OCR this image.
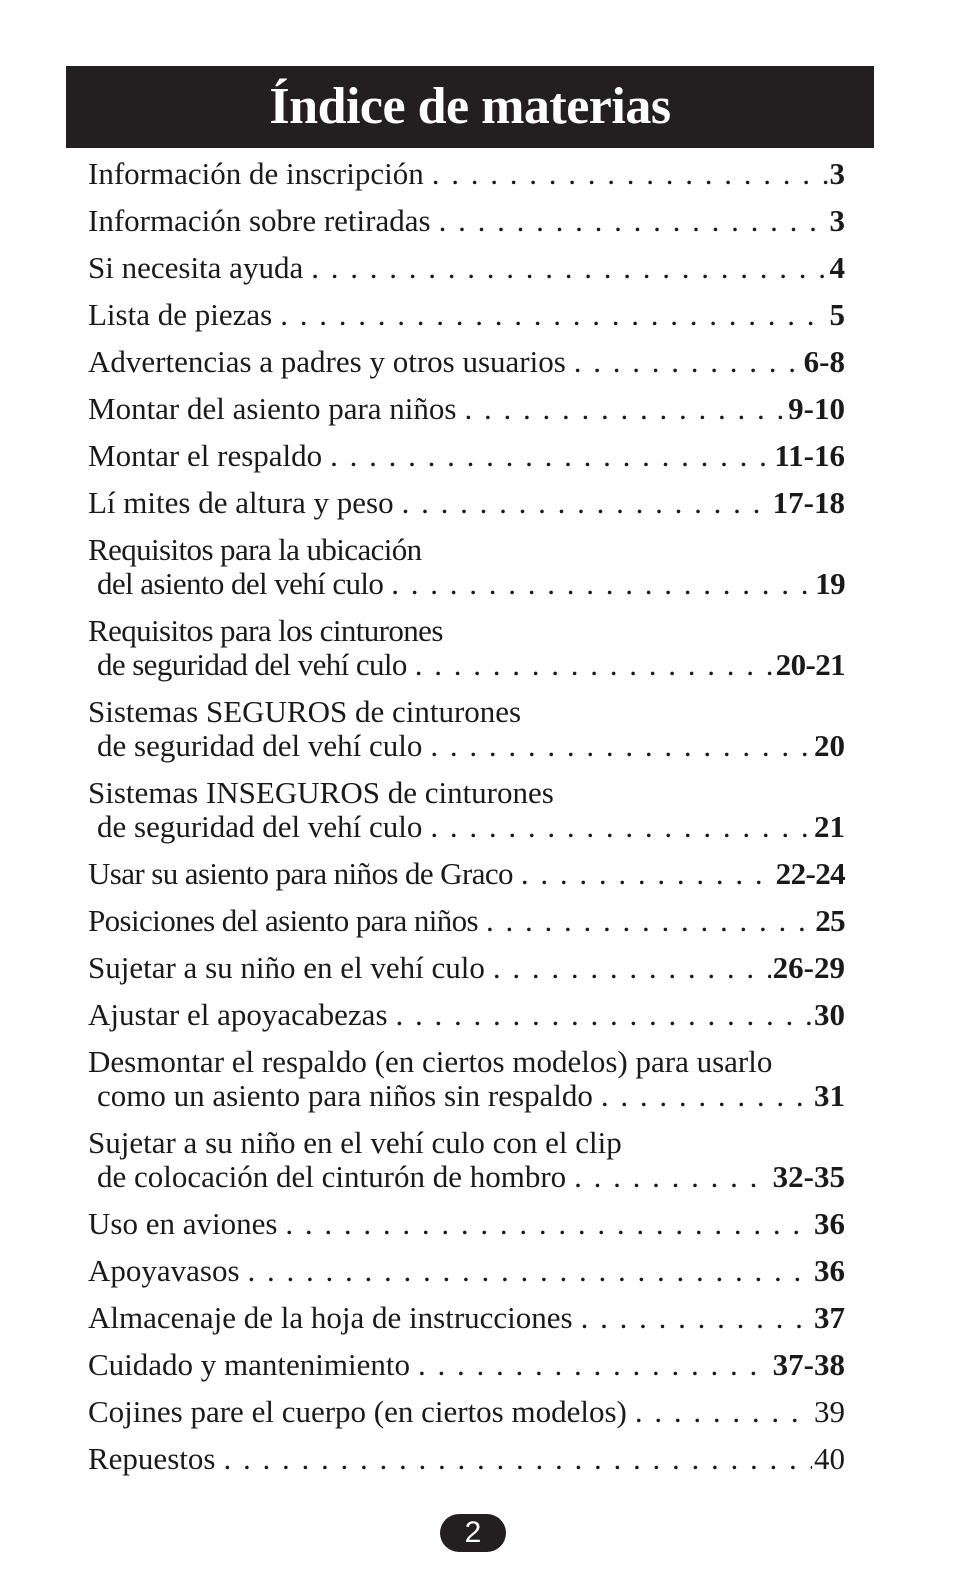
Índice de materias
Información de inscripción . . .	3
Información sobre retiradas . . .	3
Si necesita ayuda . . .	4
Lista de piezas . . .	5
Advertencias a padres y otros usuarios . . .	6-8
Montar del asiento para niños . . .	9-10
Montar el respaldo . . .	11-16
Lí mites de altura y peso . . .	17-18
Requisitos para la ubicación
del asiento del vehí culo . . .	19
Requisitos para los cinturones
de seguridad del vehí culo . . .	20-21
Sistemas SEGUROS de cinturones
de seguridad del vehí culo . . .	20
Sistemas INSEGUROS de cinturones
de seguridad del vehí culo . . .	21
Usar su asiento para niños de Graco . . .	22-24
Posiciones del asiento para niños . . .	25
Sujetar a su niño en el vehí culo . . .	26-29
Ajustar el apoyacabezas . . .	30
Desmontar el respaldo (en ciertos modelos) para usarlo
como un asiento para niños sin respaldo . . .	31
Sujetar a su niño en el vehí culo con el clip
de colocación del cinturón de hombro . . .	32-35
Uso en aviones . . .	36
Apoyavasos . . .	36
Almacenaje de la hoja de instrucciones . . .	37
Cuidado y mantenimiento . . .	37-38
Cojines pare el cuerpo (en ciertos modelos) . . .	39
Repuestos . . .	40
2
